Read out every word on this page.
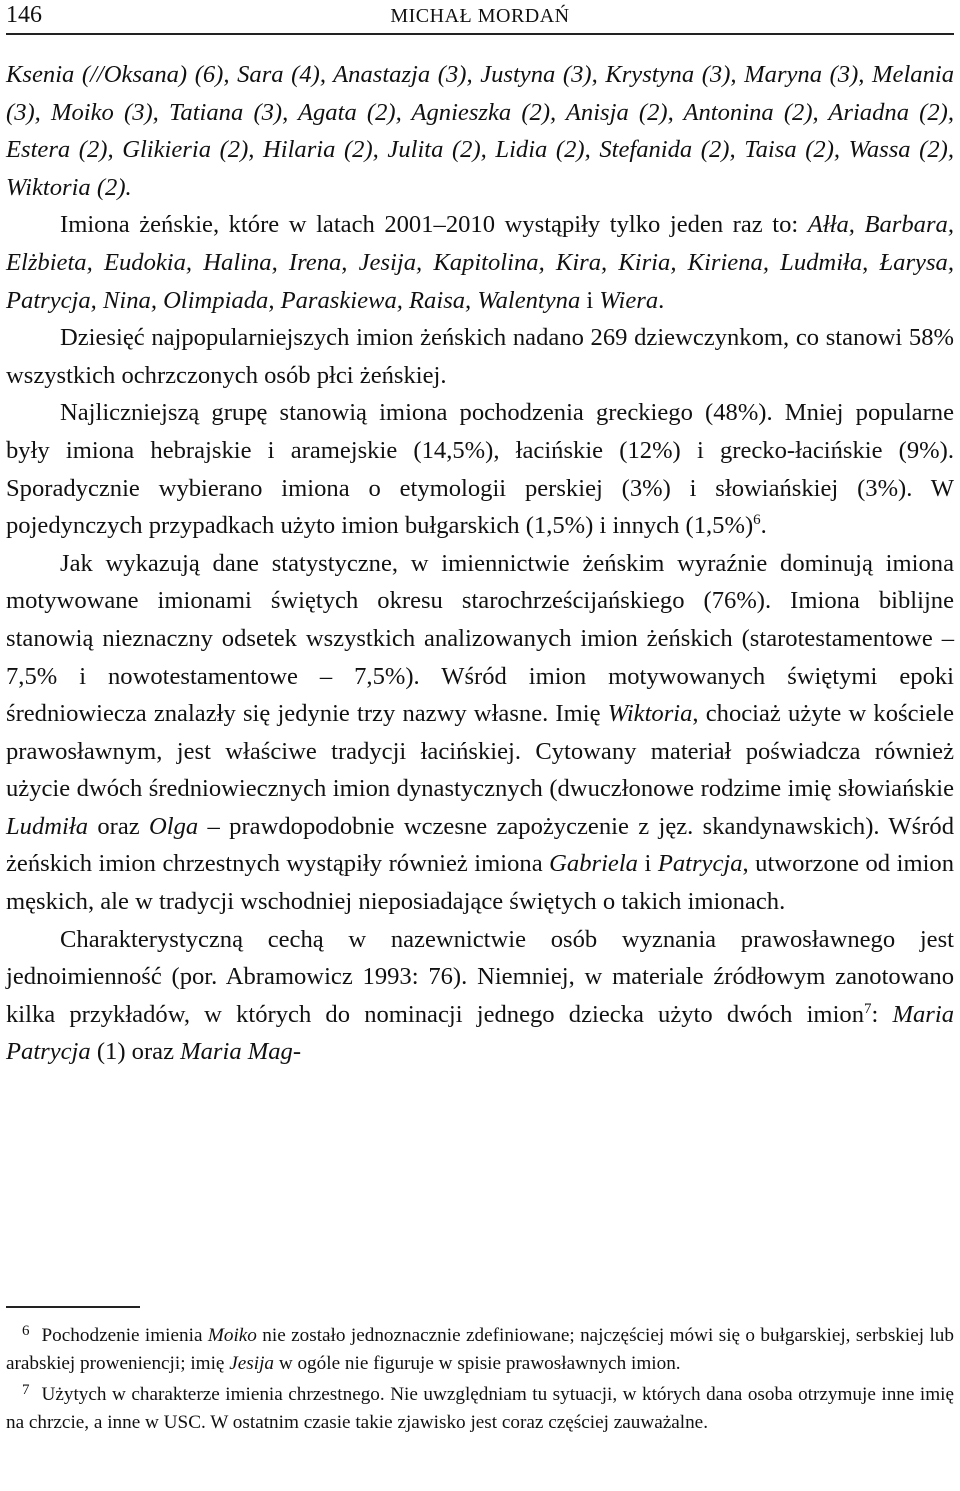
146	MICHAŁ MORDAŃ

Ksenia (//Oksana) (6), Sara (4), Anastazja (3), Justyna (3), Krystyna (3), Maryna (3), Melania (3), Moiko (3), Tatiana (3), Agata (2), Agnieszka (2), Anisja (2), Antonina (2), Ariadna (2), Estera (2), Glikieria (2), Hilaria (2), Julita (2), Lidia (2), Stefanida (2), Taisa (2), Wassa (2), Wiktoria (2).

Imiona żeńskie, które w latach 2001–2010 wystąpiły tylko jeden raz to: Ałła, Barbara, Elżbieta, Eudokia, Halina, Irena, Jesija, Kapitolina, Kira, Kiria, Kiriena, Ludmiła, Łarysa, Patrycja, Nina, Olimpiada, Paraskiewa, Raisa, Walentyna i Wiera.

Dziesięć najpopularniejszych imion żeńskich nadano 269 dziewczynkom, co stanowi 58% wszystkich ochrzczonych osób płci żeńskiej.

Najliczniejszą grupę stanowią imiona pochodzenia greckiego (48%). Mniej popularne były imiona hebrajskie i aramejskie (14,5%), łacińskie (12%) i grecko-łacińskie (9%). Sporadycznie wybierano imiona o etymologii perskiej (3%) i słowiańskiej (3%). W pojedynczych przypadkach użyto imion bułgarskich (1,5%) i innych $(1,5\%)^6$.

Jak wykazują dane statystyczne, w imiennictwie żeńskim wyraźnie dominują imiona motywowane imionami świętych okresu starochrześcijańskiego (76%). Imiona biblijne stanowią nieznaczny odsetek wszystkich analizowanych imion żeńskich (starotestamentowe – 7,5% i nowotestamentowe – 7,5%). Wśród imion motywowanych świętymi epoki średniowiecza znalazły się jedynie trzy nazwy własne. Imię Wiktoria, chociaż użyte w kościele prawosławnym, jest właściwe tradycji łacińskiej. Cytowany materiał poświadcza również użycie dwóch średniowiecznych imion dynastycznych (dwuczłonowe rodzime imię słowiańskie Ludmiła oraz Olga – prawdopodobnie wczesne zapożyczenie z jęz. skandynawskich). Wśród żeńskich imion chrzestnych wystąpiły również imiona Gabriela i Patrycja, utworzone od imion męskich, ale w tradycji wschodniej nieposiadające świętych o takich imionach.

Charakterystyczną cechą w nazewnictwie osób wyznania prawosławnego jest jednoimienność (por. Abramowicz 1993: 76). Niemniej, w materiale źródłowym zanotowano kilka przykładów, w których do nominacji jednego dziecka użyto dwóch imion$^7$: Maria Patrycja (1) oraz Maria Mag-

$^6$ Pochodzenie imienia Moiko nie zostało jednoznacznie zdefiniowane; najczęściej mówi się o bułgarskiej, serbskiej lub arabskiej proweniencji; imię Jesija w ogóle nie figuruje w spisie prawosławnych imion.

$^7$ Użytych w charakterze imienia chrzestnego. Nie uwzględniam tu sytuacji, w których dana osoba otrzymuje inne imię na chrzcie, a inne w USC. W ostatnim czasie takie zjawisko jest coraz częściej zauważalne.
